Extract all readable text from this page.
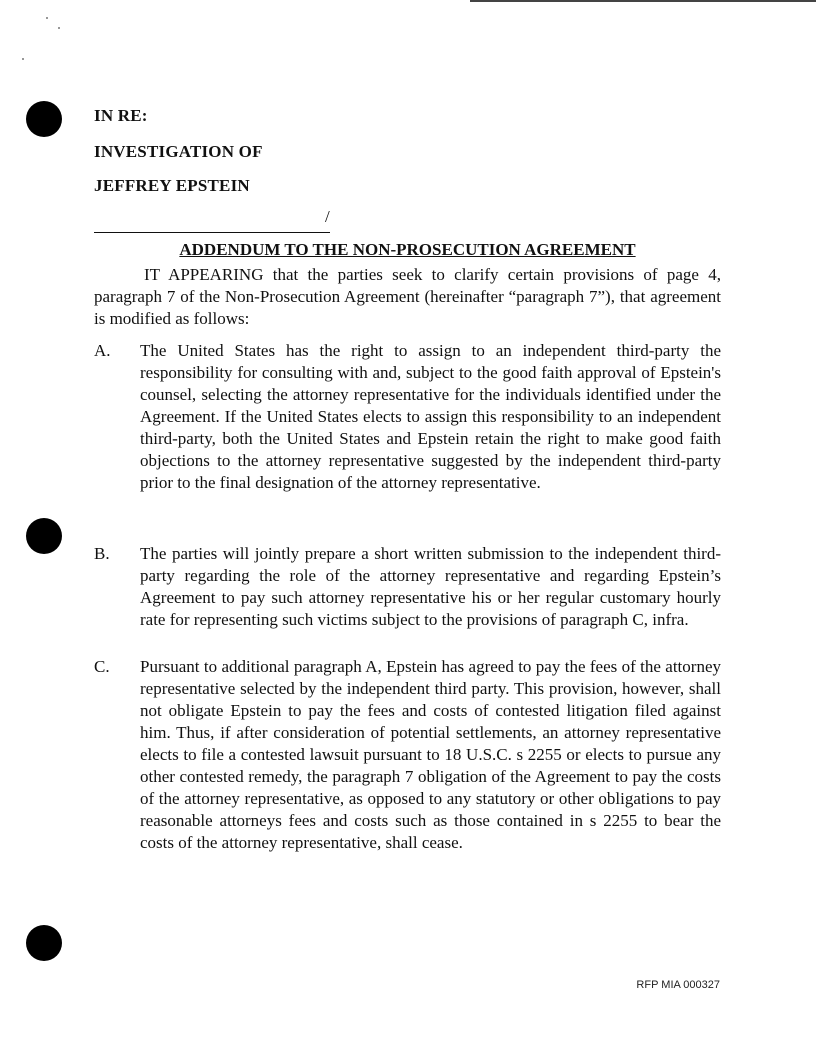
IN RE:
INVESTIGATION OF
JEFFREY EPSTEIN
/
ADDENDUM TO THE NON-PROSECUTION AGREEMENT

IT APPEARING that the parties seek to clarify certain provisions of page 4, paragraph 7 of the Non-Prosecution Agreement (hereinafter “paragraph 7”), that agreement is modified as follows:

A. The United States has the right to assign to an independent third-party the responsibility for consulting with and, subject to the good faith approval of Epstein's counsel, selecting the attorney representative for the individuals identified under the Agreement. If the United States elects to assign this responsibility to an independent third-party, both the United States and Epstein retain the right to make good faith objections to the attorney representative suggested by the independent third-party prior to the final designation of the attorney representative.

B. The parties will jointly prepare a short written submission to the independent third-party regarding the role of the attorney representative and regarding Epstein’s Agreement to pay such attorney representative his or her regular customary hourly rate for representing such victims subject to the provisions of paragraph C, infra.

C. Pursuant to additional paragraph A, Epstein has agreed to pay the fees of the attorney representative selected by the independent third party. This provision, however, shall not obligate Epstein to pay the fees and costs of contested litigation filed against him. Thus, if after consideration of potential settlements, an attorney representative elects to file a contested lawsuit pursuant to 18 U.S.C. s 2255 or elects to pursue any other contested remedy, the paragraph 7 obligation of the Agreement to pay the costs of the attorney representative, as opposed to any statutory or other obligations to pay reasonable attorneys fees and costs such as those contained in s 2255 to bear the costs of the attorney representative, shall cease.

RFP MIA 000327
